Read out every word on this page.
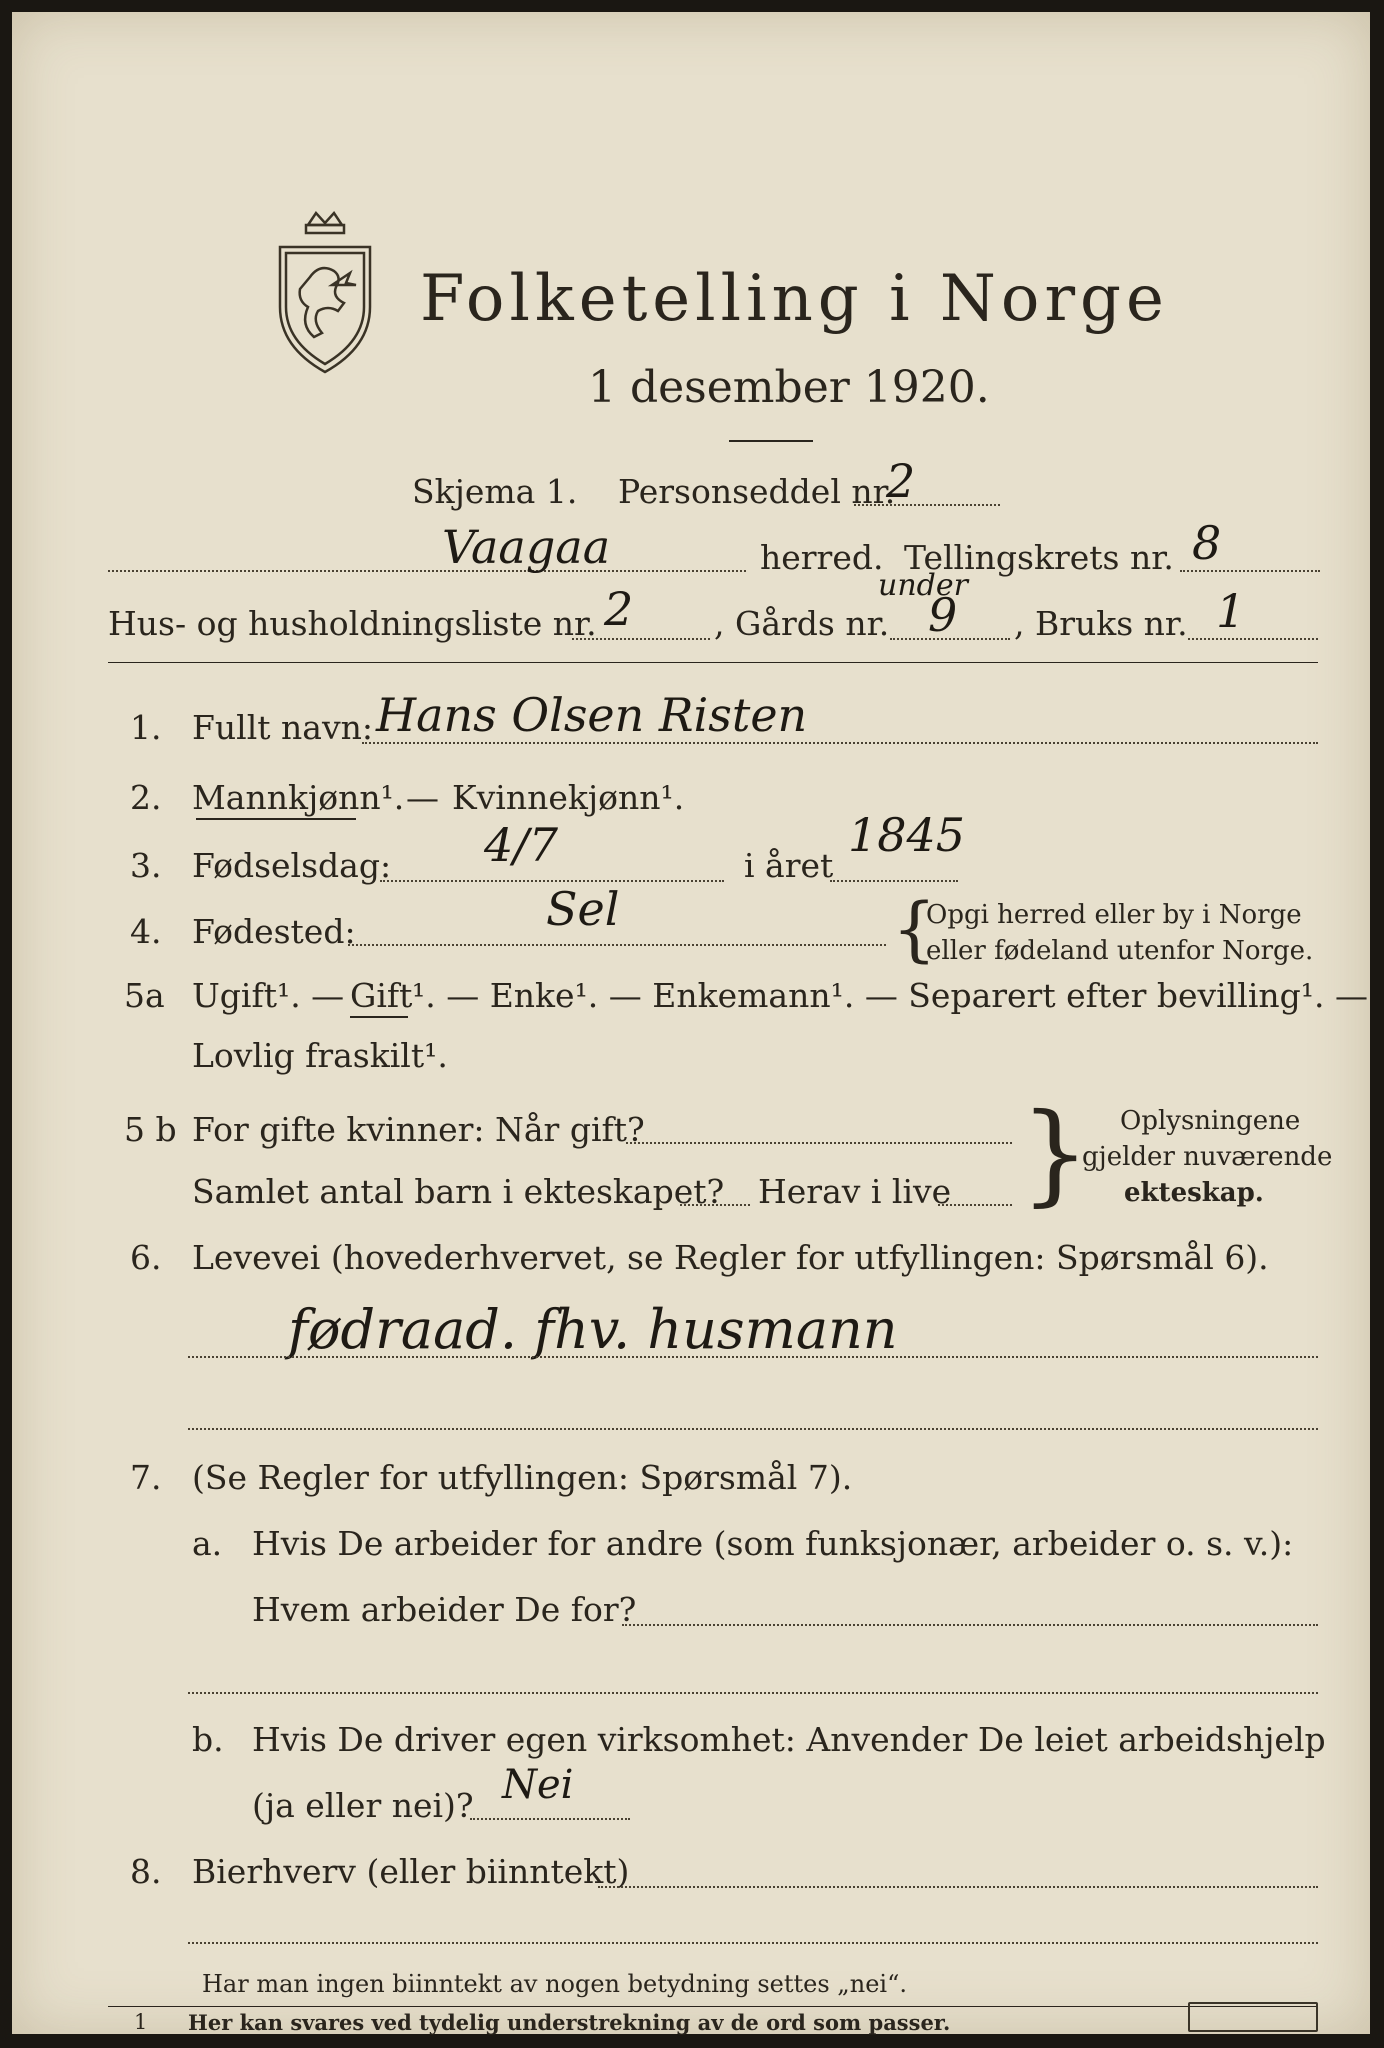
Folketelling i Norge
1 desember 1920.
Skjema 1. Personseddel nr.
2
Vaagaa	herred. Tellingskrets nr. 8
Hus- og husholdningsliste nr. 2 , Gårds nr.
under
9 , Bruks nr. 1
1. Fullt navn: Hans Olsen Risten
2. Mannkjønn¹. — Kvinnekjønn¹.
3. Fødselsdag: 4/7	i året
1845
4. Fødested:	Sel	{
Opgi herred eller by i Norge
eller fødeland utenfor Norge.
5a Ugift¹. — Gift ¹. — Enke¹. — Enkemann¹. — Separert efter bevilling¹. —
Lovlig fraskilt¹.
5 b For gifte kvinner: Når gift?
Samlet antal barn i ekteskapet? Herav i live } Oplysningene
gjelder nuværende
ekteskap.
6. Levevei (hovederhvervet, se Regler for utfyllingen: Spørsmål 6).
fødraad. fhv. husmann
7. (Se Regler for utfyllingen: Spørsmål 7).
a. Hvis De arbeider for andre (som funksjonær, arbeider o. s. v.):
Hvem arbeider De for?
b. Hvis De driver egen virksomhet: Anvender De leiet arbeidshjelp
(ja eller nei)? Nei
8. Bierhverv (eller biinntekt)
Har man ingen biinntekt av nogen betydning settes „nei“.
1 Her kan svares ved tydelig understrekning av de ord som passer.
